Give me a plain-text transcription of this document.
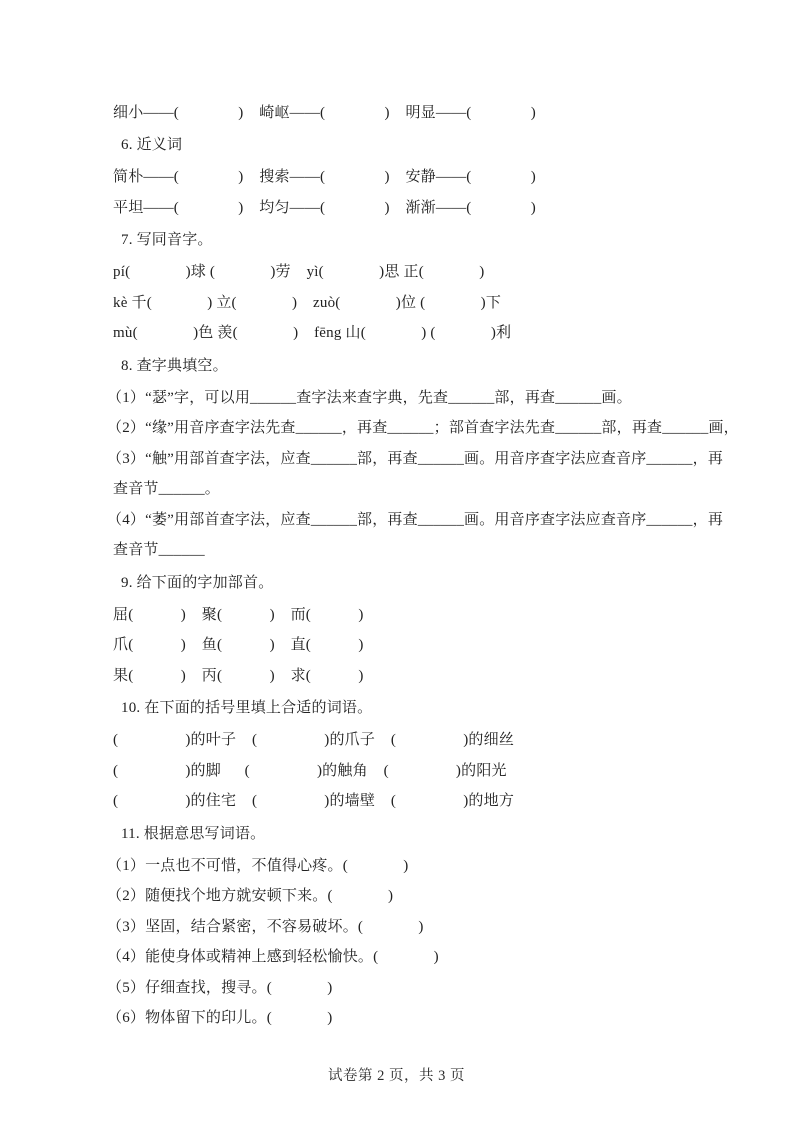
细小——(               )    崎岖——(               )    明显——(               )
6. 近义词
简朴——(               )    搜索——(               )    安静——(               )
平坦——(               )    均匀——(               )    渐渐——(               )
7. 写同音字。
pí(              )球 (              )劳    yì(              )思 正(              )
kè 千(              ) 立(              )    zuò(              )位 (              )下
mù(              )色 羡(              )    fēng 山(              ) (              )利
8. 查字典填空。
（1）“瑟”字，可以用______查字法来查字典，先查______部，再查______画。
（2）“缘”用音序查字法先查______，再查______；部首查字法先查______部，再查______画，
（3）“触”用部首查字法，应查______部，再查______画。用音序查字法应查音序______，再
查音节______。
（4）“萎”用部首查字法，应查______部，再查______画。用音序查字法应查音序______，再
查音节______
9. 给下面的字加部首。
屈(            )    聚(            )    而(            )
爪(            )    鱼(            )    直(            )
果(            )    丙(            )    求(            )
10. 在下面的括号里填上合适的词语。
(                 )的叶子    (                 )的爪子    (                 )的细丝
(                 )的脚      (                 )的触角    (                 )的阳光
(                 )的住宅    (                 )的墙壁    (                 )的地方
11. 根据意思写词语。
（1）一点也不可惜，不值得心疼。(              )
（2）随便找个地方就安顿下来。(              )
（3）坚固，结合紧密，不容易破坏。(              )
（4）能使身体或精神上感到轻松愉快。(              )
（5）仔细查找，搜寻。(              )
（6）物体留下的印儿。(              )
试卷第 2 页，共 3 页
